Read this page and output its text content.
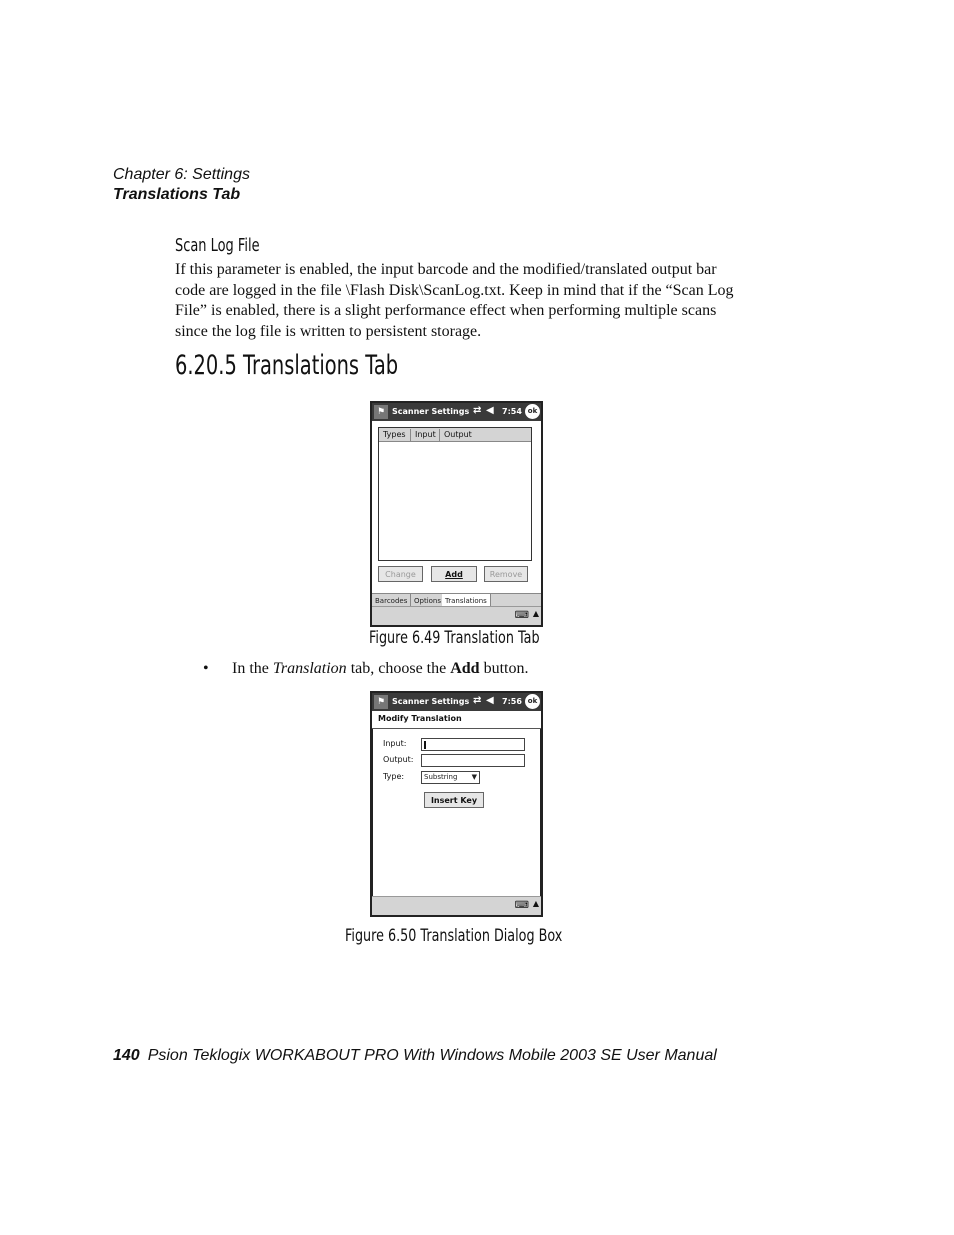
Chapter 6: Settings
Translations Tab
Scan Log File
If this parameter is enabled, the input barcode and the modified/translated output bar code are logged in the file \Flash Disk\ScanLog.txt. Keep in mind that if the “Scan Log File” is enabled, there is a slight performance effect when performing multiple scans since the log file is written to persistent storage.
6.20.5 Translations Tab
⚑ Scanner Settings ⇄ ◀ 7:54 ok
Types	Input	Output
Change	Add	Remove
Barcodes Options Translations
⌨ ▲
Figure 6.49 Translation Tab
• In the Translation tab, choose the Add button.
⚑ Scanner Settings ⇄ ◀ 7:56 ok
Modify Translation
Input:
Output:
Type:	Substring ▼
Insert Key
⌨ ▲
Figure 6.50 Translation Dialog Box
140 Psion Teklogix WORKABOUT PRO With Windows Mobile 2003 SE User Manual
